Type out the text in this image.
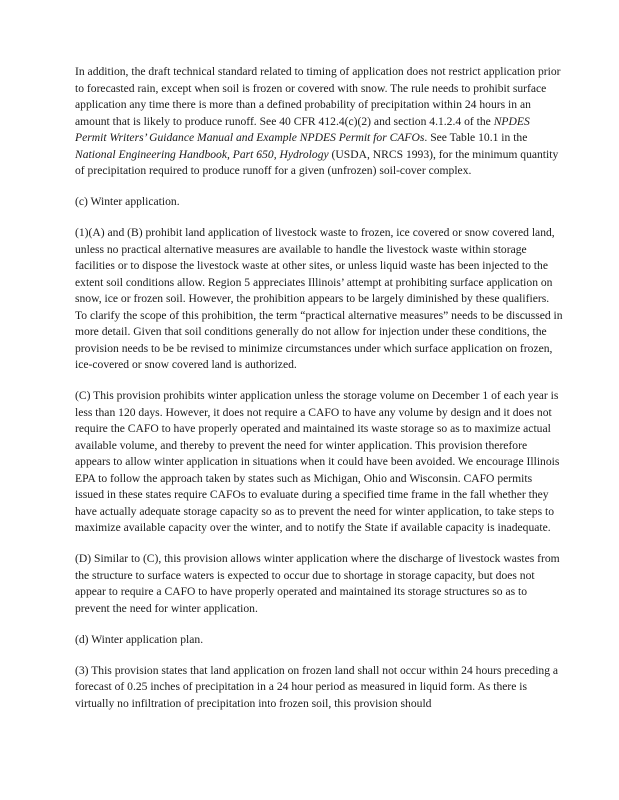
In addition, the draft technical standard related to timing of application does not restrict application prior to forecasted rain, except when soil is frozen or covered with snow. The rule needs to prohibit surface application any time there is more than a defined probability of precipitation within 24 hours in an amount that is likely to produce runoff. See 40 CFR 412.4(c)(2) and section 4.1.2.4 of the NPDES Permit Writers’ Guidance Manual and Example NPDES Permit for CAFOs. See Table 10.1 in the National Engineering Handbook, Part 650, Hydrology (USDA, NRCS 1993), for the minimum quantity of precipitation required to produce runoff for a given (unfrozen) soil-cover complex.

(c) Winter application.

(1)(A) and (B) prohibit land application of livestock waste to frozen, ice covered or snow covered land, unless no practical alternative measures are available to handle the livestock waste within storage facilities or to dispose the livestock waste at other sites, or unless liquid waste has been injected to the extent soil conditions allow. Region 5 appreciates Illinois’ attempt at prohibiting surface application on snow, ice or frozen soil. However, the prohibition appears to be largely diminished by these qualifiers. To clarify the scope of this prohibition, the term “practical alternative measures” needs to be discussed in more detail. Given that soil conditions generally do not allow for injection under these conditions, the provision needs to be be revised to minimize circumstances under which surface application on frozen, ice-covered or snow covered land is authorized.

(C) This provision prohibits winter application unless the storage volume on December 1 of each year is less than 120 days. However, it does not require a CAFO to have any volume by design and it does not require the CAFO to have properly operated and maintained its waste storage so as to maximize actual available volume, and thereby to prevent the need for winter application. This provision therefore appears to allow winter application in situations when it could have been avoided. We encourage Illinois EPA to follow the approach taken by states such as Michigan, Ohio and Wisconsin. CAFO permits issued in these states require CAFOs to evaluate during a specified time frame in the fall whether they have actually adequate storage capacity so as to prevent the need for winter application, to take steps to maximize available capacity over the winter, and to notify the State if available capacity is inadequate.

(D) Similar to (C), this provision allows winter application where the discharge of livestock wastes from the structure to surface waters is expected to occur due to shortage in storage capacity, but does not appear to require a CAFO to have properly operated and maintained its storage structures so as to prevent the need for winter application.

(d) Winter application plan.

(3) This provision states that land application on frozen land shall not occur within 24 hours preceding a forecast of 0.25 inches of precipitation in a 24 hour period as measured in liquid form. As there is virtually no infiltration of precipitation into frozen soil, this provision should
